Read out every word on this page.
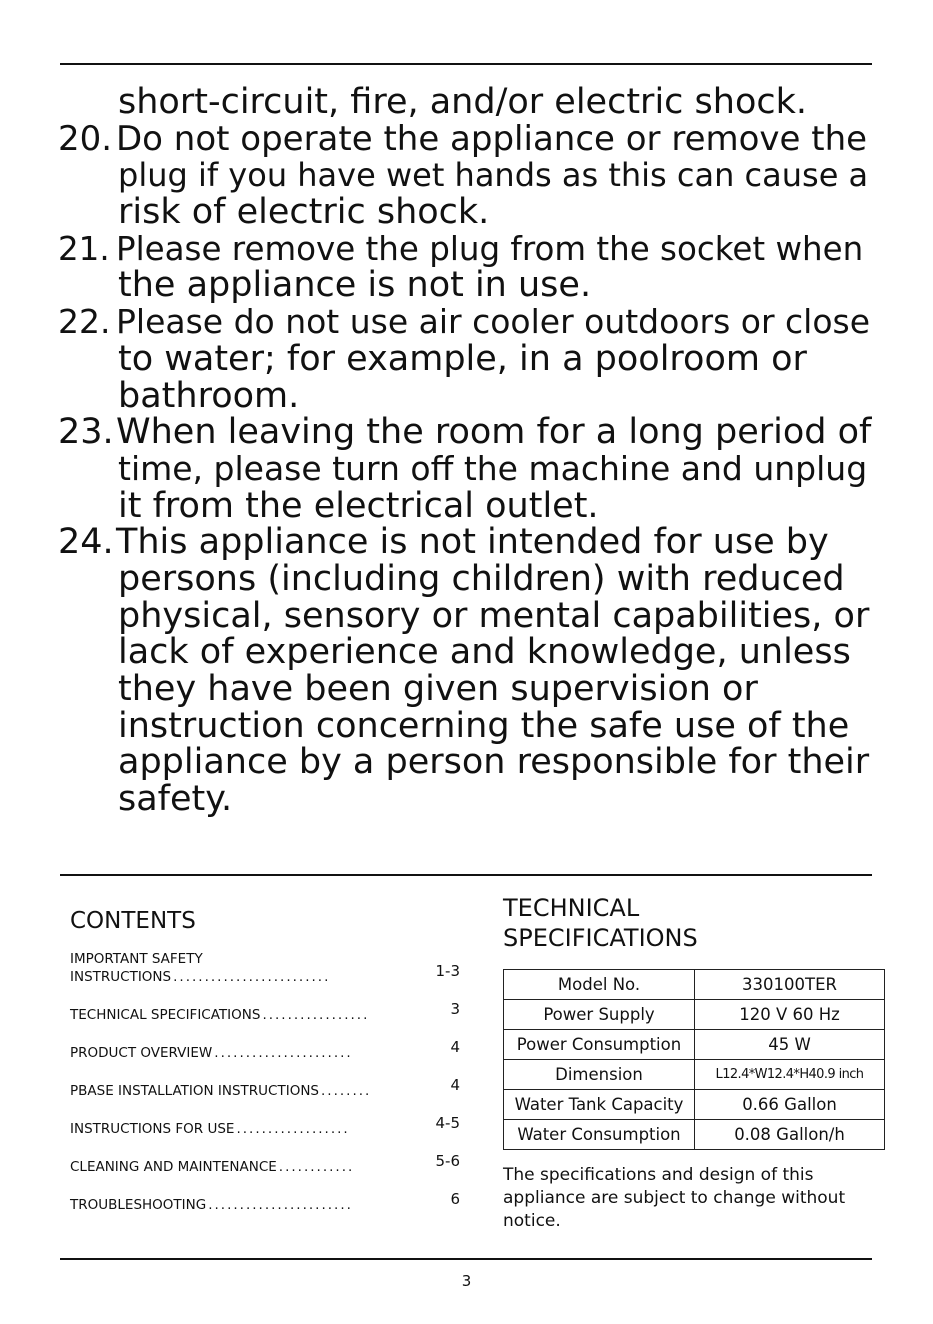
short-circuit, fire, and/or electric shock.
20. Do not operate the appliance or remove the
plug if you have wet hands as this can cause a
risk of electric shock.
21. Please remove the plug from the socket when
the appliance is not in use.
22. Please do not use air cooler outdoors or close
to water; for example, in a poolroom or
bathroom.
23.When leaving the room for a long period of
time, please turn off the machine and unplug
it from the electrical outlet.
24.This appliance is not intended for use by
persons (including children) with reduced
physical, sensory or mental capabilities, or
lack of experience and knowledge, unless
they have been given supervision or
instruction concerning the safe use of the
appliance by a person responsible for their
safety.
CONTENTS
IMPORTANT SAFETY
INSTRUCTIONS .........................	1-3
TECHNICAL SPECIFICATIONS .................	3
PRODUCT OVERVIEW ......................	4
PBASE INSTALLATION INSTRUCTIONS ........	4
INSTRUCTIONS FOR USE ..................	4-5
CLEANING AND MAINTENANCE ............	5-6
TROUBLESHOOTING .......................	6
TECHNICAL
SPECIFICATIONS
Model No.	330100TER
Power Supply	120 V 60 Hz
Power Consumption	45 W
Dimension	L12.4*W12.4*H40.9 inch
Water Tank Capacity	0.66 Gallon
Water Consumption	0.08 Gallon/h
The specifications and design of this appliance are subject to change without notice.
3
